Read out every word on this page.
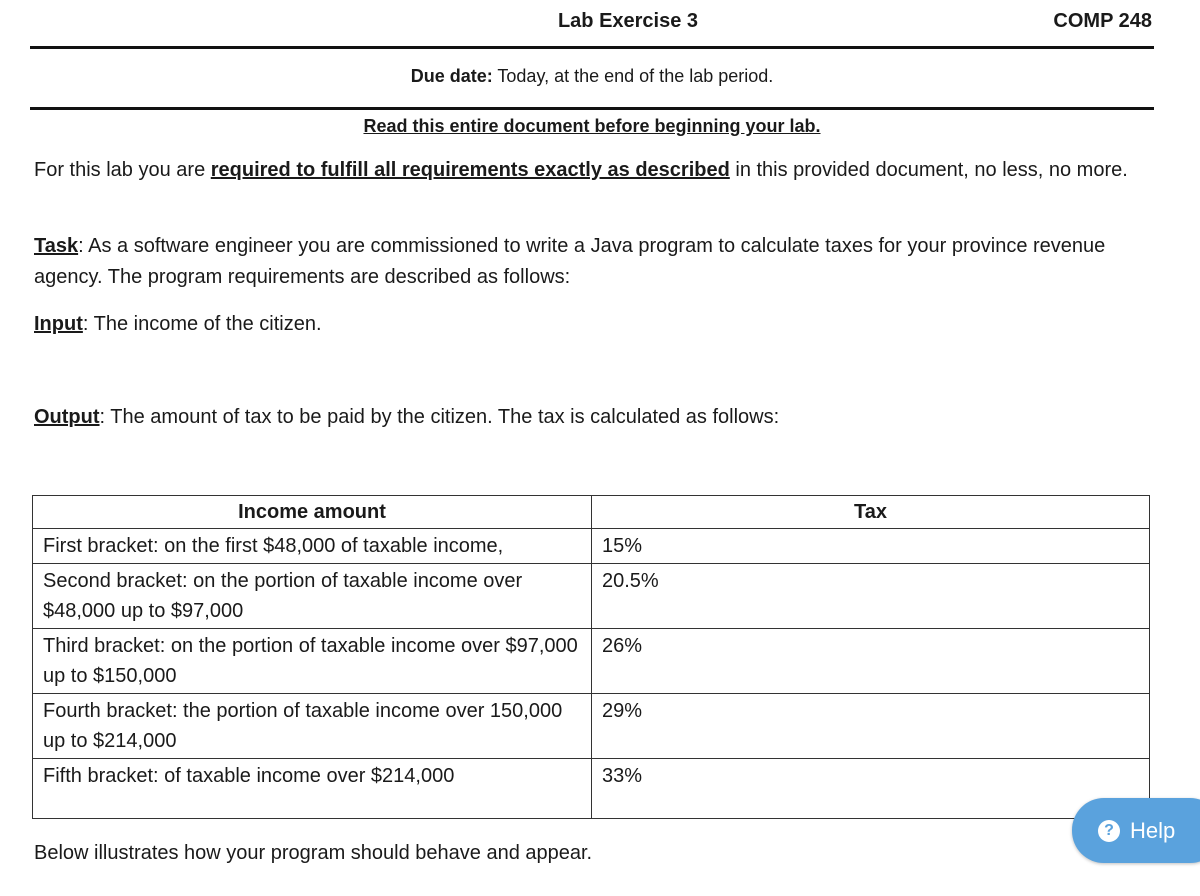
Lab Exercise 3	COMP 248
Due date: Today, at the end of the lab period.
Read this entire document before beginning your lab.
For this lab you are required to fulfill all requirements exactly as described in this provided document, no less, no more.
Task: As a software engineer you are commissioned to write a Java program to calculate taxes for your province revenue agency. The program requirements are described as follows:
Input: The income of the citizen.
Output: The amount of tax to be paid by the citizen. The tax is calculated as follows:
Income amount	Tax
First bracket: on the first $48,000 of taxable income,	15%
Second bracket: on the portion of taxable income over $48,000 up to $97,000	20.5%
Third bracket: on the portion of taxable income over $97,000 up to $150,000	26%
Fourth bracket: the portion of taxable income over 150,000 up to $214,000	29%
Fifth bracket: of taxable income over $214,000	33%
Below illustrates how your program should behave and appear.
? Help
